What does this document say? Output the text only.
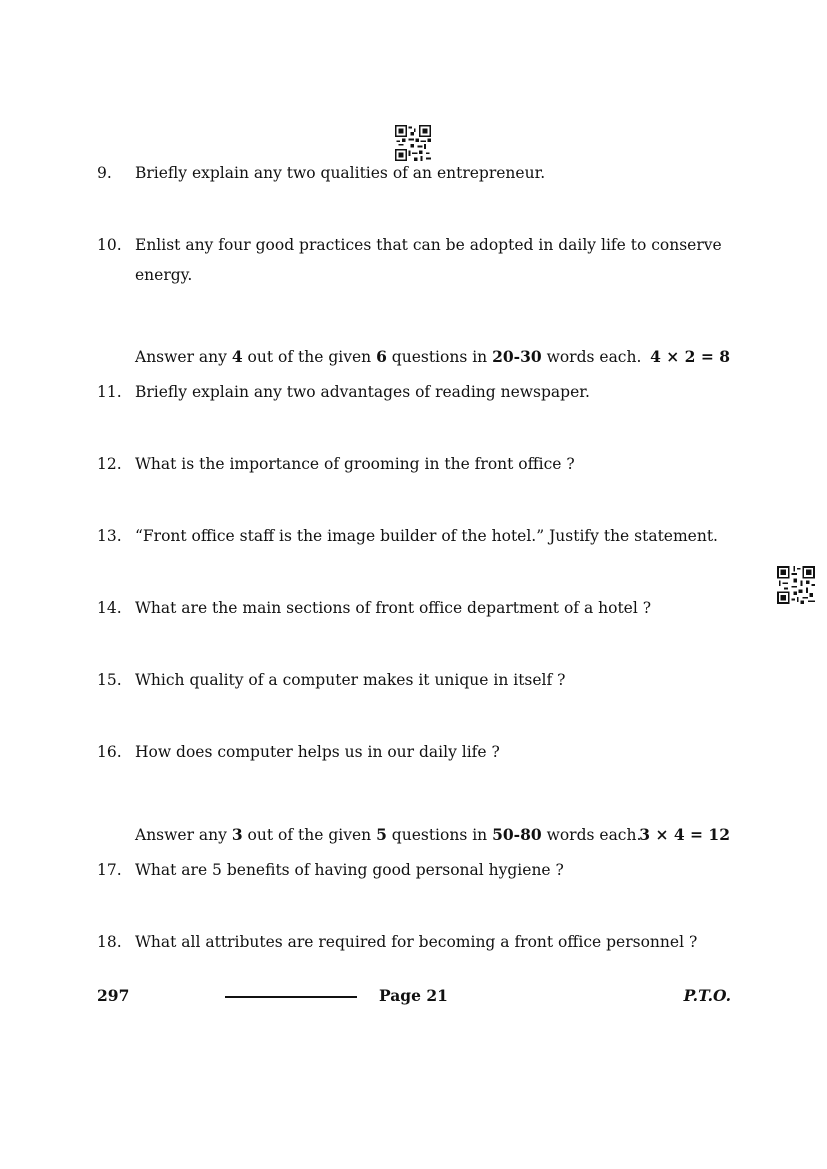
9.	Briefly explain any two qualities of an entrepreneur.
10. Enlist any four good practices that can be adopted in daily life to conserve energy.
Answer any 4 out of the given 6 questions in 20-30 words each. 4 × 2 = 8
11. Briefly explain any two advantages of reading newspaper.
12. What is the importance of grooming in the front office ?
13. “Front office staff is the image builder of the hotel.” Justify the statement.
14. What are the main sections of front office department of a hotel ?
15. Which quality of a computer makes it unique in itself ?
16. How does computer helps us in our daily life ?
Answer any 3 out of the given 5 questions in 50-80 words each.
3 × 4 = 12
17. What are 5 benefits of having good personal hygiene ?
18. What all attributes are required for becoming a front office personnel ?
297	Page 21	P.T.O.
